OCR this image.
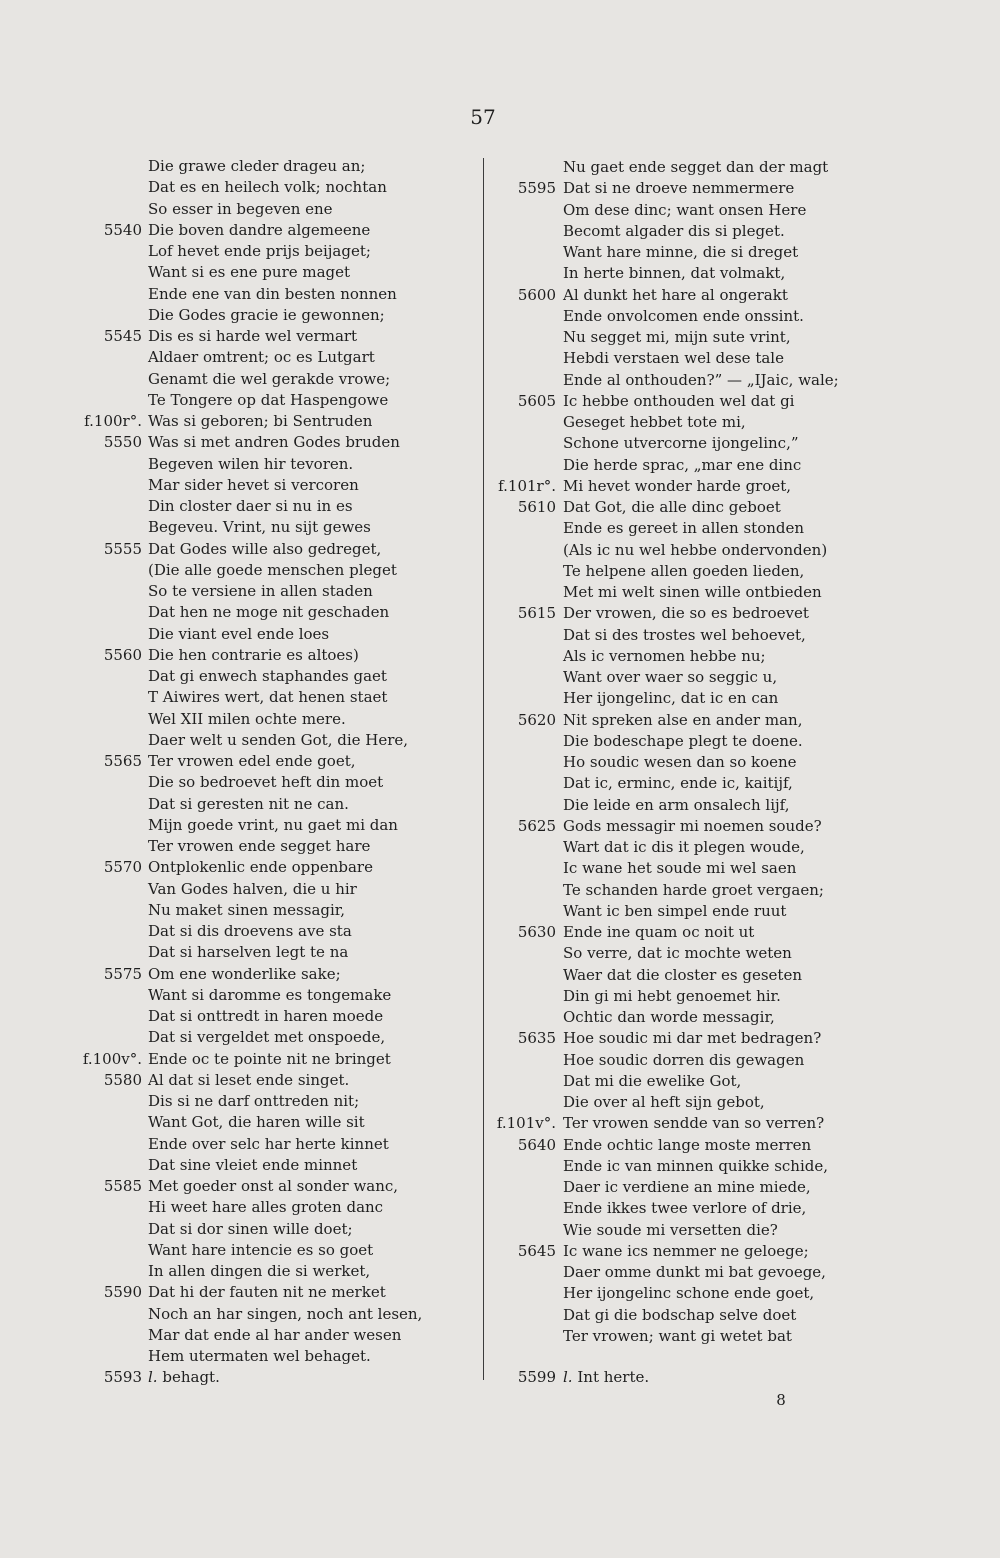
57
Die grawe cleder drageu an;
Dat es en heilech volk; nochtan
So esser in begeven ene
5540 Die boven dandre algemeene
Lof hevet ende prijs beijaget;
Want si es ene pure maget
Ende ene van din besten nonnen
Die Godes gracie ie gewonnen;
5545 Dis es si harde wel vermart
Aldaer omtrent; oc es Lutgart
Genamt die wel gerakde vrowe;
Te Tongere op dat Haspengowe
f.100r°. Was si geboren; bi Sentruden
5550 Was si met andren Godes bruden
Begeven wilen hir tevoren.
Mar sider hevet si vercoren
Din closter daer si nu in es
Begeveu. Vrint, nu sijt gewes
5555 Dat Godes wille also gedreget,
(Die alle goede menschen pleget
So te versiene in allen staden
Dat hen ne moge nit geschaden
Die viant evel ende loes
5560 Die hen contrarie es altoes)
Dat gi enwech staphandes gaet
T Aiwires wert, dat henen staet
Wel XII milen ochte mere.
Daer welt u senden Got, die Here,
5565 Ter vrowen edel ende goet,
Die so bedroevet heft din moet
Dat si geresten nit ne can.
Mijn goede vrint, nu gaet mi dan
Ter vrowen ende segget hare
5570 Ontplokenlic ende oppenbare
Van Godes halven, die u hir
Nu maket sinen messagir,
Dat si dis droevens ave sta
Dat si harselven legt te na
5575 Om ene wonderlike sake;
Want si daromme es tongemake
Dat si onttredt in haren moede
Dat si vergeldet met onspoede,
f.100v°. Ende oc te pointe nit ne bringet
5580 Al dat si leset ende singet.
Dis si ne darf onttreden nit;
Want Got, die haren wille sit
Ende over selc har herte kinnet
Dat sine vleiet ende minnet
5585 Met goeder onst al sonder wanc,
Hi weet hare alles groten danc
Dat si dor sinen wille doet;
Want hare intencie es so goet
In allen dingen die si werket,
5590 Dat hi der fauten nit ne merket
Noch an har singen, noch ant lesen,
Mar dat ende al har ander wesen
Hem utermaten wel behaget.
5593 l. behagt.
Nu gaet ende segget dan der magt
5595 Dat si ne droeve nemmermere
Om dese dinc; want onsen Here
Becomt algader dis si pleget.
Want hare minne, die si dreget
In herte binnen, dat volmakt,
5600 Al dunkt het hare al ongerakt
Ende onvolcomen ende onssint.
Nu segget mi, mijn sute vrint,
Hebdi verstaen wel dese tale
Ende al onthouden?” — „IJaic, wale;
5605 Ic hebbe onthouden wel dat gi
Geseget hebbet tote mi,
Schone utvercorne ijongelinc,”
Die herde sprac, „mar ene dinc
f.101r°. Mi hevet wonder harde groet,
5610 Dat Got, die alle dinc geboet
Ende es gereet in allen stonden
(Als ic nu wel hebbe ondervonden)
Te helpene allen goeden lieden,
Met mi welt sinen wille ontbieden
5615 Der vrowen, die so es bedroevet
Dat si des trostes wel behoevet,
Als ic vernomen hebbe nu;
Want over waer so seggic u,
Her ijongelinc, dat ic en can
5620 Nit spreken alse en ander man,
Die bodeschape plegt te doene.
Ho soudic wesen dan so koene
Dat ic, erminc, ende ic, kaitijf,
Die leide en arm onsalech lijf,
5625 Gods messagir mi noemen soude?
Wart dat ic dis it plegen woude,
Ic wane het soude mi wel saen
Te schanden harde groet vergaen;
Want ic ben simpel ende ruut
5630 Ende ine quam oc noit ut
So verre, dat ic mochte weten
Waer dat die closter es geseten
Din gi mi hebt genoemet hir.
Ochtic dan worde messagir,
5635 Hoe soudic mi dar met bedragen?
Hoe soudic dorren dis gewagen
Dat mi die ewelike Got,
Die over al heft sijn gebot,
f.101v°. Ter vrowen sendde van so verren?
5640 Ende ochtic lange moste merren
Ende ic van minnen quikke schide,
Daer ic verdiene an mine miede,
Ende ikkes twee verlore of drie,
Wie soude mi versetten die?
5645 Ic wane ics nemmer ne geloege;
Daer omme dunkt mi bat gevoege,
Her ijongelinc schone ende goet,
Dat gi die bodschap selve doet
Ter vrowen; want gi wetet bat
5599 l. Int herte.
8
